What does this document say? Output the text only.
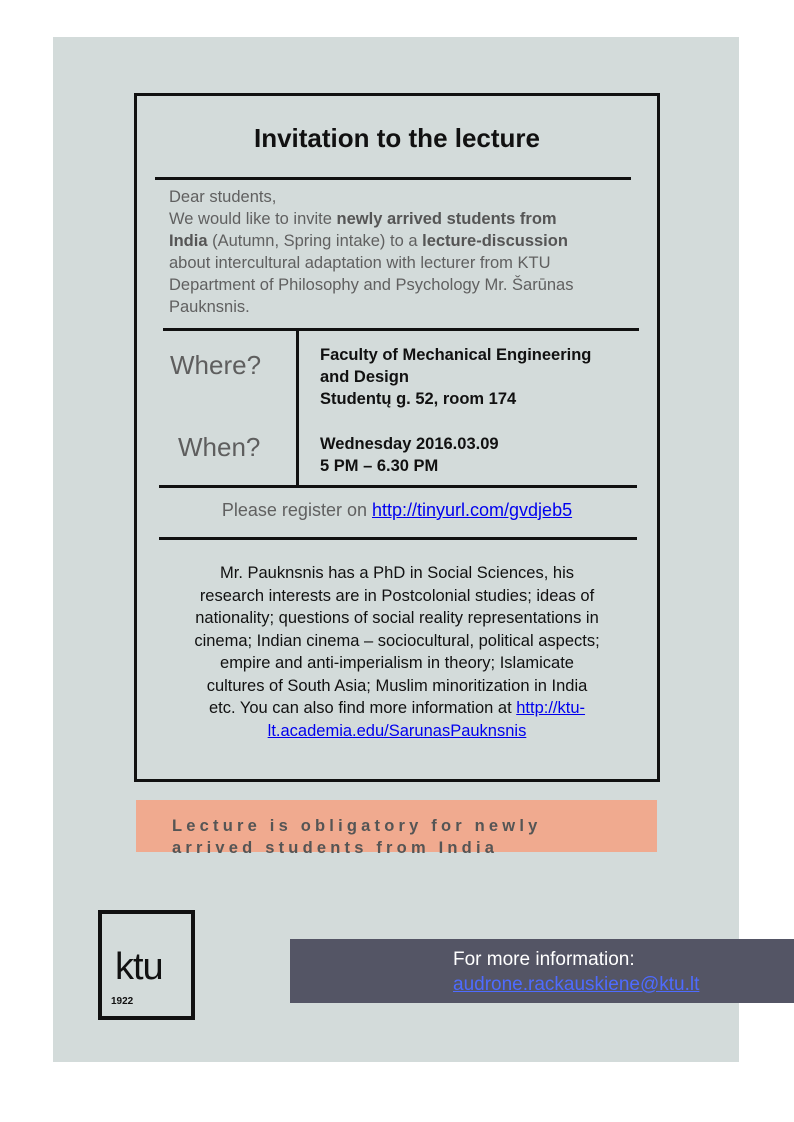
Invitation to the lecture
Dear students,
We would like to invite newly arrived students from
India (Autumn, Spring intake) to a lecture-discussion
about intercultural adaptation with lecturer from KTU
Department of Philosophy and Psychology Mr. Šarūnas
Pauknsnis.
Where?	Faculty of Mechanical Engineering
and Design
Studentų g. 52, room 174
When?	Wednesday 2016.03.09
5 PM – 6.30 PM
Please register on http://tinyurl.com/gvdjeb5
Mr. Pauknsnis has a PhD in Social Sciences, his
research interests are in Postcolonial studies; ideas of
nationality; questions of social reality representations in
cinema; Indian cinema – sociocultural, political aspects;
empire and anti-imperialism in theory; Islamicate
cultures of South Asia; Muslim minoritization in India
etc. You can also find more information at http://ktu-
lt.academia.edu/SarunasPauknsnis
Lecture is obligatory for newly
arrived students from India
ktu
1922
For more information:
audrone.rackauskiene@ktu.lt
